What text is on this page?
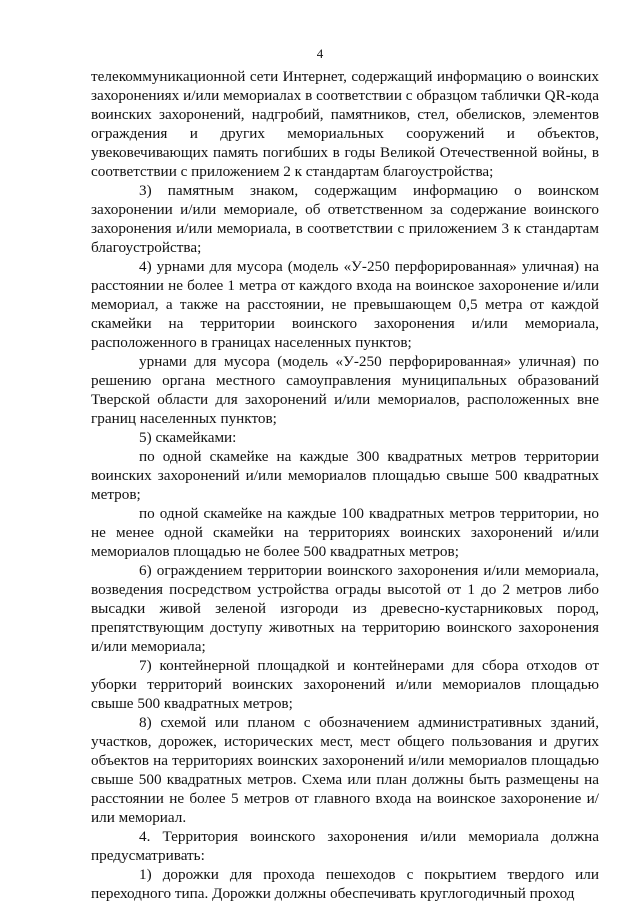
4

телекоммуникационной сети Интернет, содержащий информацию о воинских захоронениях и/или мемориалах в соответствии с образцом таблички QR-кода воинских захоронений, надгробий, памятников, стел, обелисков, элементов ограждения и других мемориальных сооружений и объектов, увековечивающих память погибших в годы Великой Отечественной войны, в соответствии с приложением 2 к стандартам благоустройства;

3) памятным знаком, содержащим информацию о воинском захоронении и/или мемориале, об ответственном за содержание воинского захоронения и/или мемориала, в соответствии с приложением 3 к стандартам благоустройства;

4) урнами для мусора (модель «У-250 перфорированная» уличная) на расстоянии не более 1 метра от каждого входа на воинское захоронение и/или мемориал, а также на расстоянии, не превышающем 0,5 метра от каждой скамейки на территории воинского захоронения и/или мемориала, расположенного в границах населенных пунктов;

урнами для мусора (модель «У-250 перфорированная» уличная) по решению органа местного самоуправления муниципальных образований Тверской области для захоронений и/или мемориалов, расположенных вне границ населенных пунктов;

5) скамейками:

по одной скамейке на каждые 300 квадратных метров территории воинских захоронений и/или мемориалов площадью свыше 500 квадратных метров;

по одной скамейке на каждые 100 квадратных метров территории, но не менее одной скамейки на территориях воинских захоронений и/или мемориалов площадью не более 500 квадратных метров;

6) ограждением территории воинского захоронения и/или мемориала, возведения посредством устройства ограды высотой от 1 до 2 метров либо высадки живой зеленой изгороди из древесно-кустарниковых пород, препятствующим доступу животных на территорию воинского захоронения и/или мемориала;

7) контейнерной площадкой и контейнерами для сбора отходов от уборки территорий воинских захоронений и/или мемориалов площадью свыше 500 квадратных метров;

8) схемой или планом с обозначением административных зданий, участков, дорожек, исторических мест, мест общего пользования и других объектов на территориях воинских захоронений и/или мемориалов площадью свыше 500 квадратных метров. Схема или план должны быть размещены на расстоянии не более 5 метров от главного входа на воинское захоронение и/или мемориал.

4. Территория воинского захоронения и/или мемориала должна предусматривать:

1) дорожки для прохода пешеходов с покрытием твердого или переходного типа. Дорожки должны обеспечивать круглогодичный проход
